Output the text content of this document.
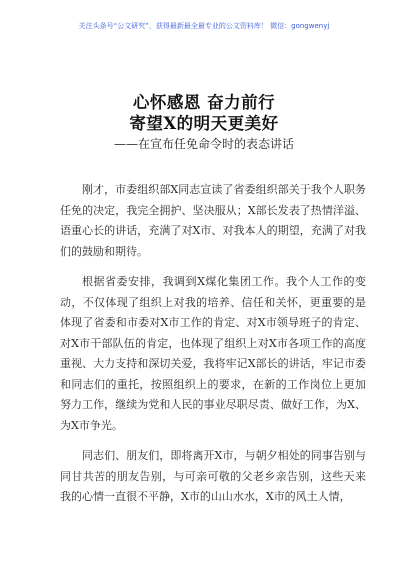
关注头条号“公文研究”，获得最新最全最专业的公文资料库！ 微信：gongwenyj
心怀感恩 奋力前行
寄望X的明天更美好
——在宣布任免命令时的表态讲话

刚才，市委组织部X同志宣读了省委组织部关于我个人职务任免的决定，我完全拥护、坚决服从；X部长发表了热情洋溢、语重心长的讲话，充满了对X市、对我本人的期望，充满了对我们的鼓励和期待。

根据省委安排，我调到X煤化集团工作。我个人工作的变动，不仅体现了组织上对我的培养、信任和关怀，更重要的是体现了省委和市委对X市工作的肯定、对X市领导班子的肯定、对X市干部队伍的肯定，也体现了组织上对X市各项工作的高度重视、大力支持和深切关爱，我将牢记X部长的讲话，牢记市委和同志们的重托，按照组织上的要求，在新的工作岗位上更加努力工作，继续为党和人民的事业尽职尽责、做好工作，为X、为X市争光。

同志们、朋友们，即将离开X市，与朝夕相处的同事告别与同甘共苦的朋友告别，与可亲可敬的父老乡亲告别，这些天来我的心情一直很不平静，X市的山山水水，X市的风土人情，
